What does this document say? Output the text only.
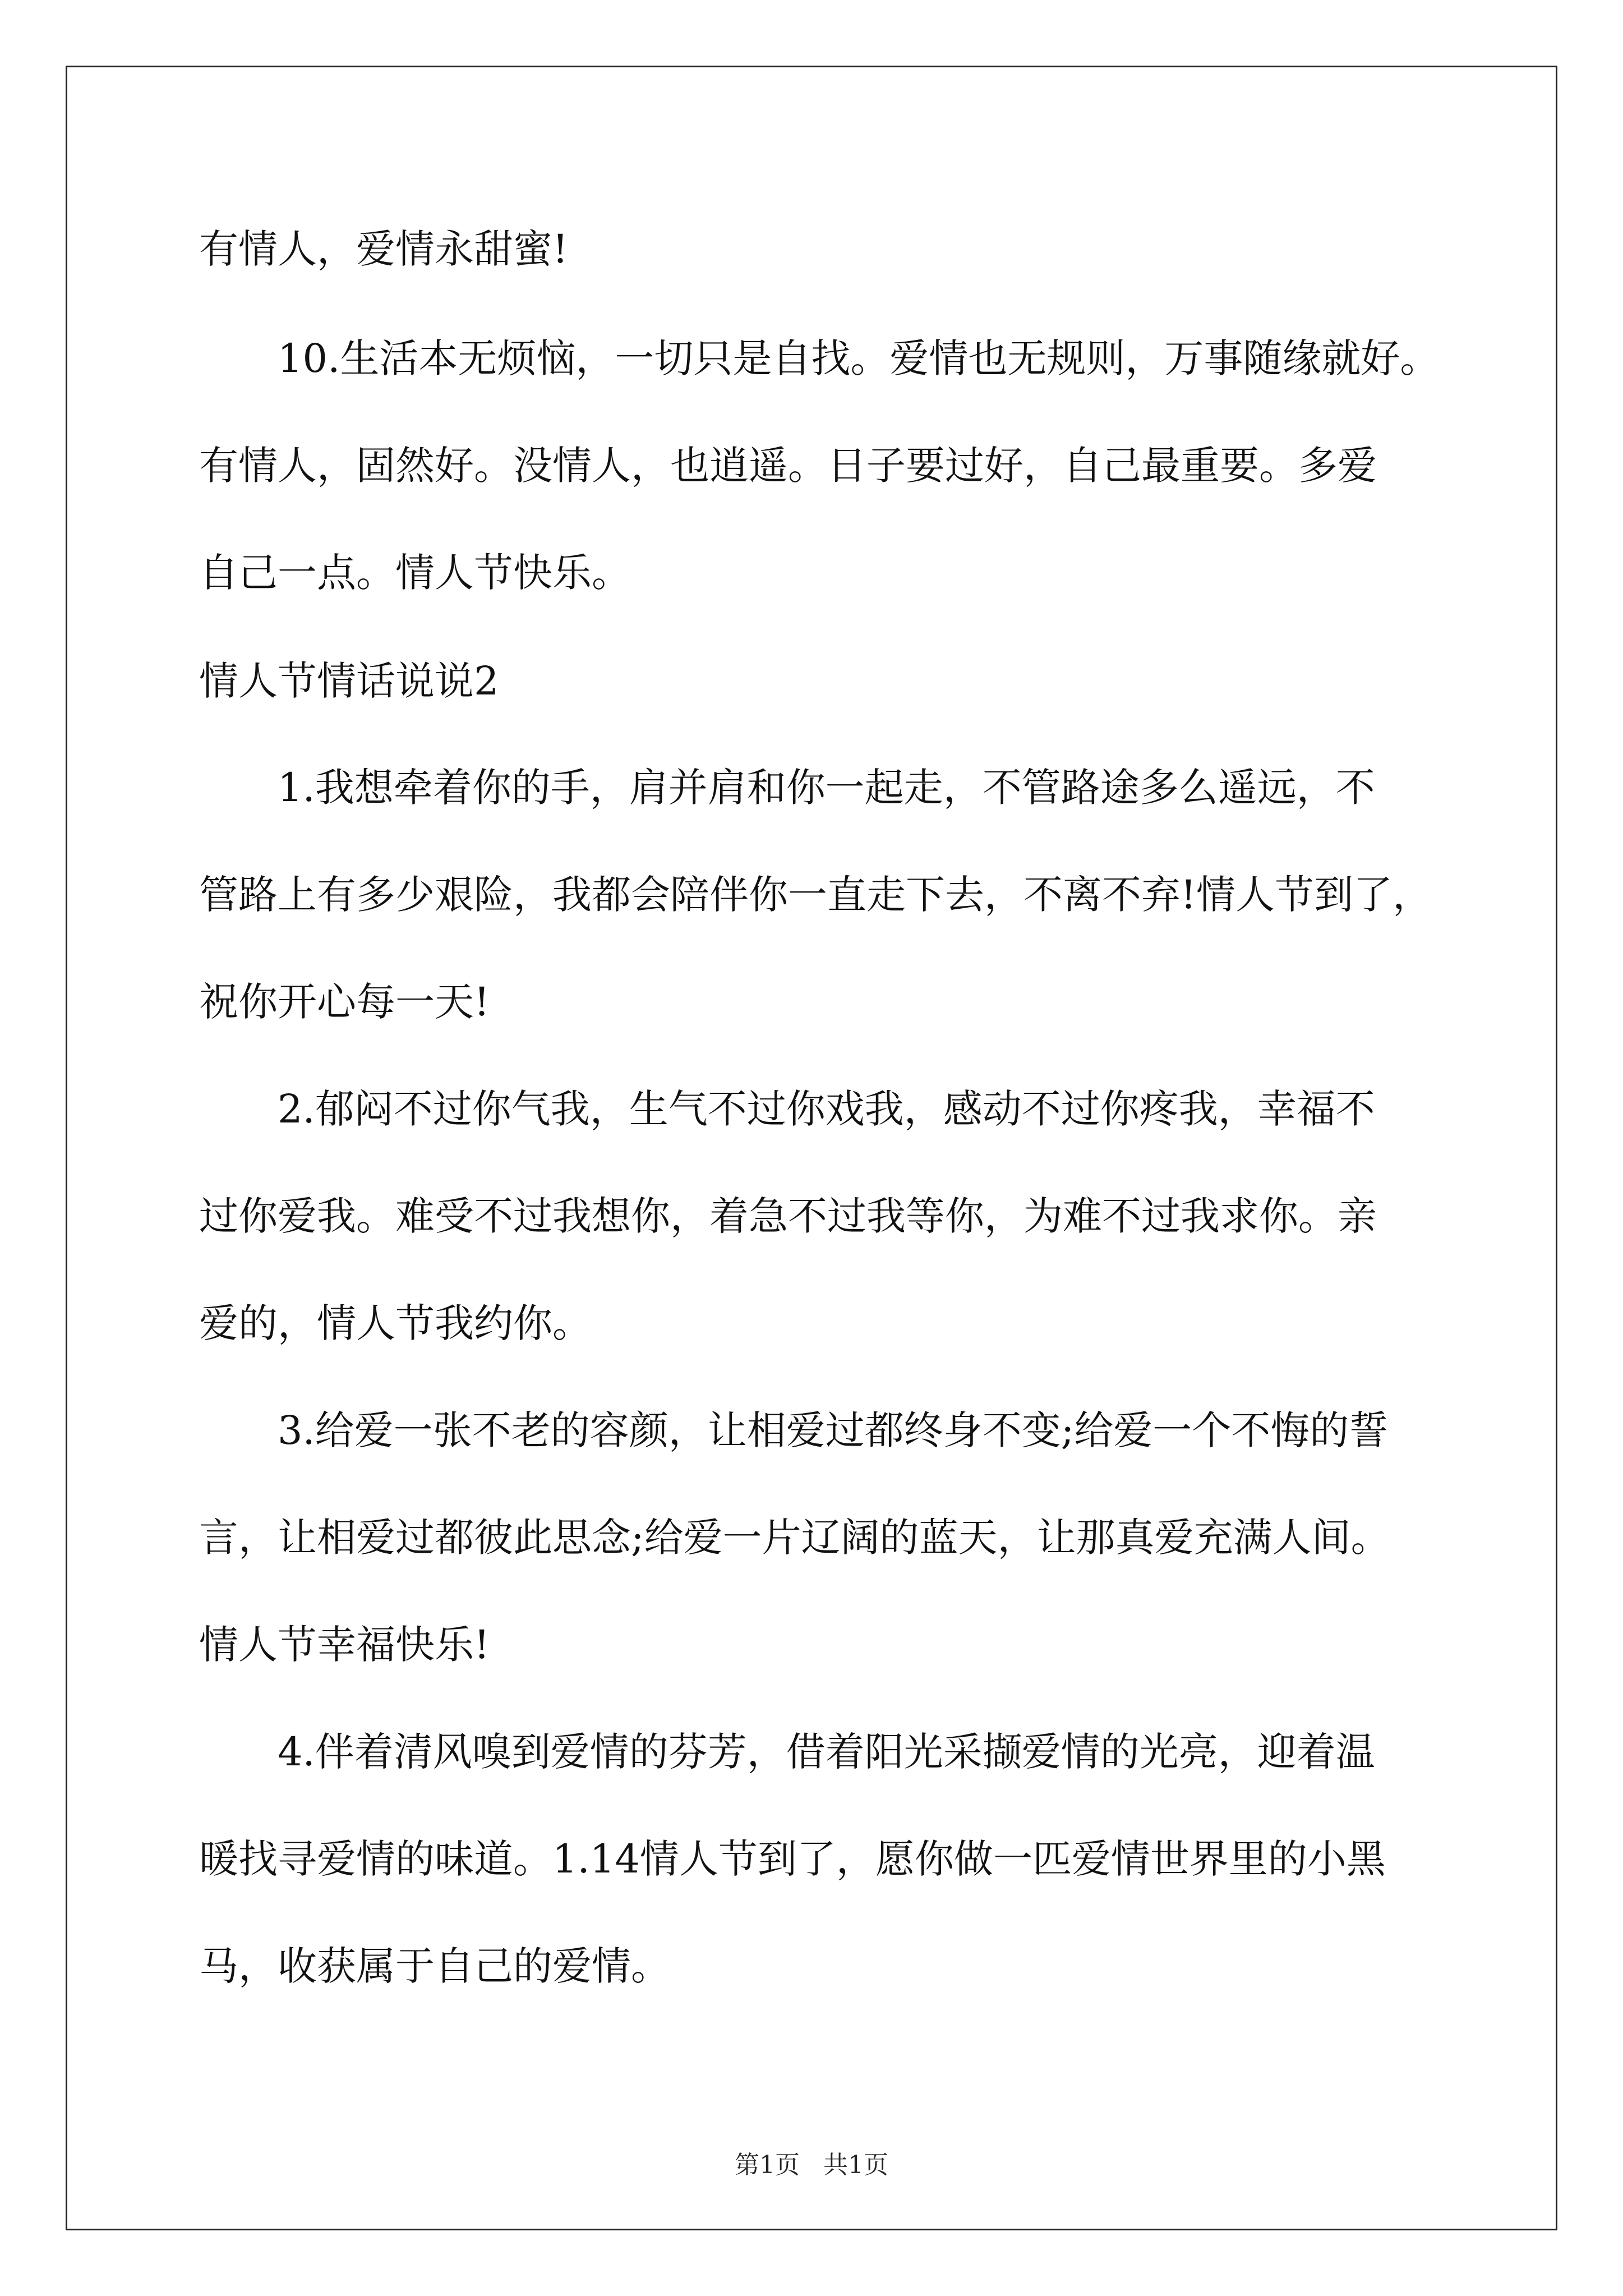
有情人，爱情永甜蜜!
10.生活本无烦恼，一切只是自找。爱情也无规则，万事随缘就好。
有情人，固然好。没情人，也逍遥。日子要过好，自己最重要。多爱
自己一点。情人节快乐。
情人节情话说说2
1.我想牵着你的手，肩并肩和你一起走，不管路途多么遥远，不
管路上有多少艰险，我都会陪伴你一直走下去，不离不弃!情人节到了，
祝你开心每一天!
2.郁闷不过你气我，生气不过你戏我，感动不过你疼我，幸福不
过你爱我。难受不过我想你，着急不过我等你，为难不过我求你。亲
爱的，情人节我约你。
3.给爱一张不老的容颜，让相爱过都终身不变;给爱一个不悔的誓
言，让相爱过都彼此思念;给爱一片辽阔的蓝天，让那真爱充满人间。
情人节幸福快乐!
4.伴着清风嗅到爱情的芬芳，借着阳光采撷爱情的光亮，迎着温
暖找寻爱情的味道。1.14情人节到了，愿你做一匹爱情世界里的小黑
马，收获属于自己的爱情。
第1页 共1页
